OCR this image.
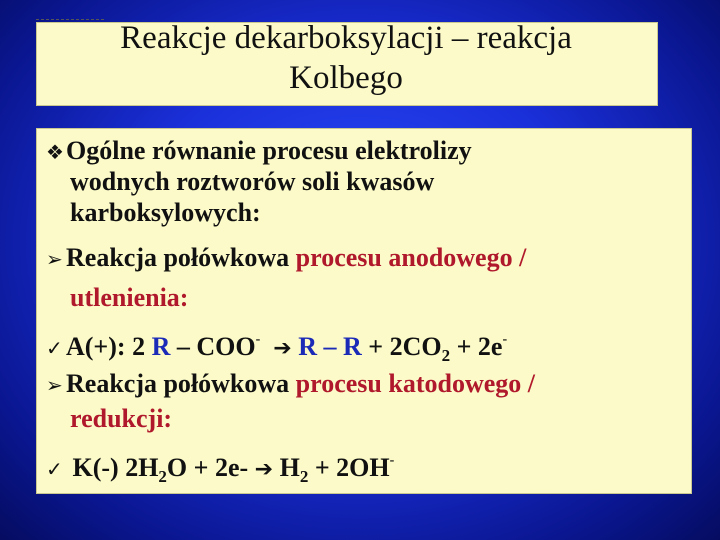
Reakcje dekarboksylacji – reakcja
Kolbego
❖Ogólne równanie procesu elektrolizy
wodnych roztworów soli kwasów
karboksylowych:
➢ Reakcja połówkowa procesu anodowego /
utlenienia:
✓ A(+): 2 R – COO- ➔ $R - R + 2CO_2 + 2e^-$
➢ Reakcja połówkowa procesu katodowego /
redukcji:
✓ K(-) $2H_2O + 2e-$ ➔ $H_2 + 2OH^-$
